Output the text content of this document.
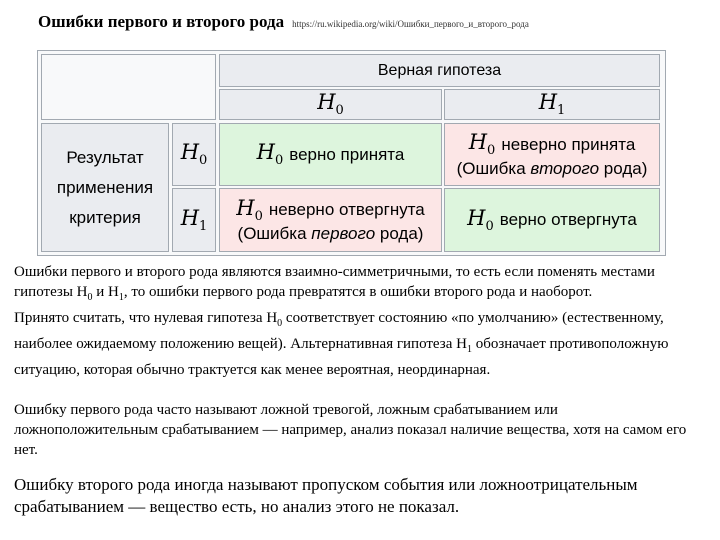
Ошибки первого и второго рода https://ru.wikipedia.org/wiki/Ошибки_первого_и_второго_рода
Верная гипотеза
$H_0$	$H_1$
Результат
применения
критерия
$H_0$
$H_1$
$H_0$ верно принята	$H_0$ неверно принята
(Ошибка второго рода)
$H_0$ неверно отвергнута
(Ошибка первого рода)
$H_0$ верно отвергнута

Ошибки первого и второго рода являются взаимно-симметричными, то есть если поменять местами гипотезы $H_0$ и $H_1$, то ошибки первого рода превратятся в ошибки второго рода и наоборот.

Принято считать, что нулевая гипотеза $H_0$ соответствует состоянию «по умолчанию» (естественному, наиболее ожидаемому положению вещей). Альтернативная гипотеза $H_1$ обозначает противоположную ситуацию, которая обычно трактуется как менее вероятная, неординарная.

Ошибку первого рода часто называют ложной тревогой, ложным срабатыванием или ложноположительным срабатыванием — например, анализ показал наличие вещества, хотя на самом его нет.

Ошибку второго рода иногда называют пропуском события или ложноотрицательным срабатыванием — вещество есть, но анализ этого не показал.
